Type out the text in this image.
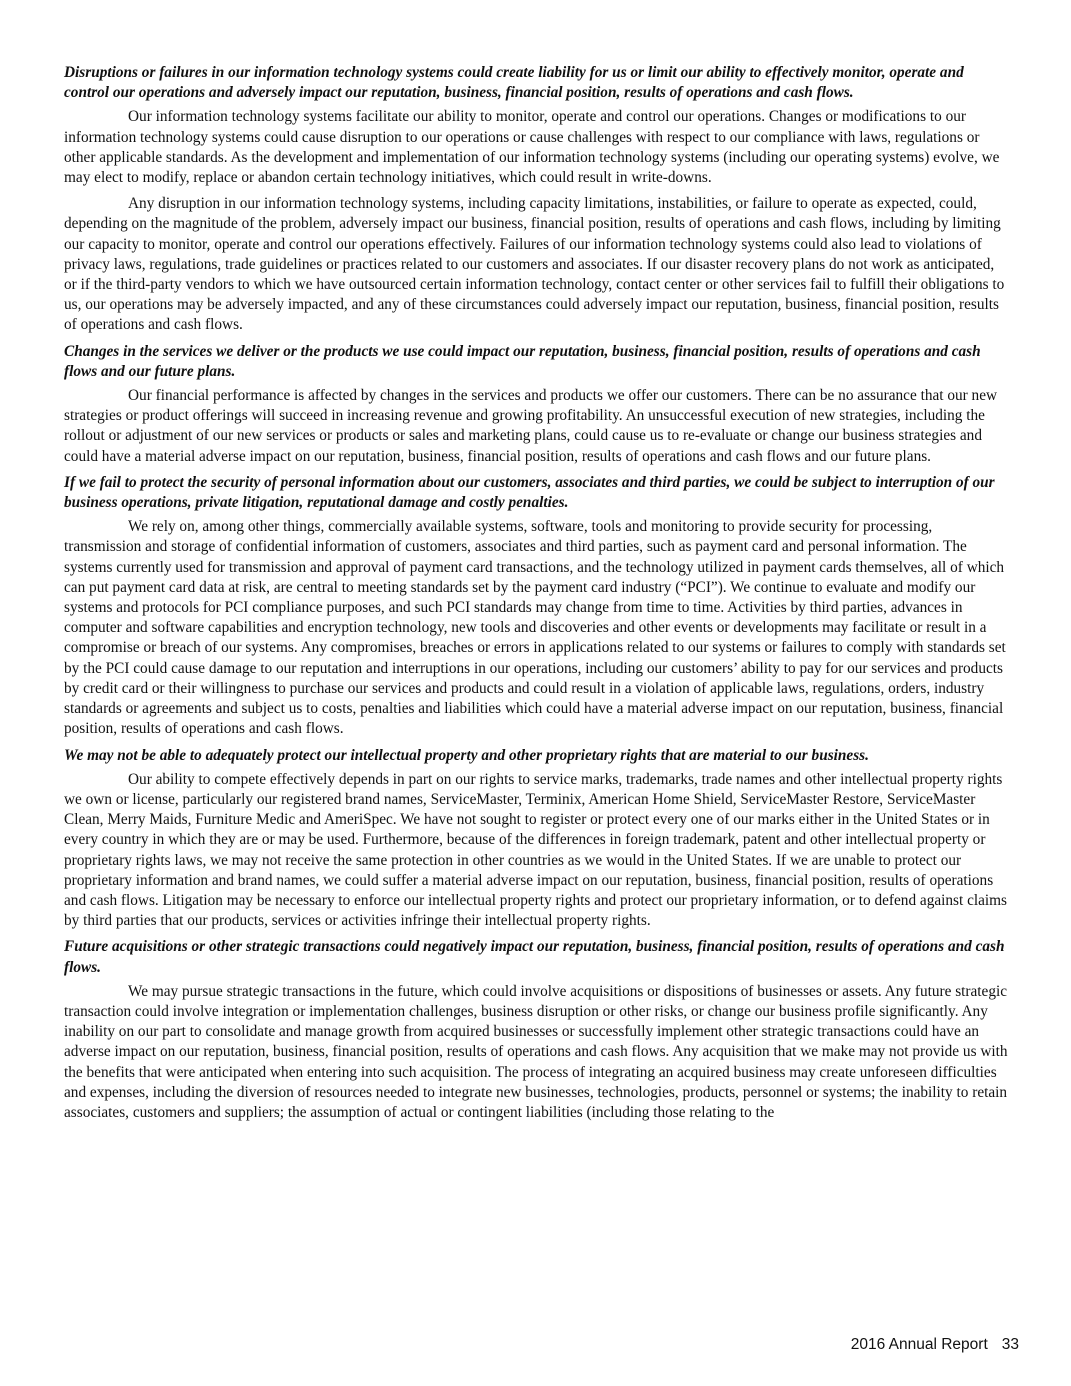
Disruptions or failures in our information technology systems could create liability for us or limit our ability to effectively monitor, operate and control our operations and adversely impact our reputation, business, financial position, results of operations and cash flows.

Our information technology systems facilitate our ability to monitor, operate and control our operations. Changes or modifications to our information technology systems could cause disruption to our operations or cause challenges with respect to our compliance with laws, regulations or other applicable standards. As the development and implementation of our information technology systems (including our operating systems) evolve, we may elect to modify, replace or abandon certain technology initiatives, which could result in write-downs.

Any disruption in our information technology systems, including capacity limitations, instabilities, or failure to operate as expected, could, depending on the magnitude of the problem, adversely impact our business, financial position, results of operations and cash flows, including by limiting our capacity to monitor, operate and control our operations effectively. Failures of our information technology systems could also lead to violations of privacy laws, regulations, trade guidelines or practices related to our customers and associates. If our disaster recovery plans do not work as anticipated, or if the third-party vendors to which we have outsourced certain information technology, contact center or other services fail to fulfill their obligations to us, our operations may be adversely impacted, and any of these circumstances could adversely impact our reputation, business, financial position, results of operations and cash flows.

Changes in the services we deliver or the products we use could impact our reputation, business, financial position, results of operations and cash flows and our future plans.

Our financial performance is affected by changes in the services and products we offer our customers. There can be no assurance that our new strategies or product offerings will succeed in increasing revenue and growing profitability. An unsuccessful execution of new strategies, including the rollout or adjustment of our new services or products or sales and marketing plans, could cause us to re-evaluate or change our business strategies and could have a material adverse impact on our reputation, business, financial position, results of operations and cash flows and our future plans.

If we fail to protect the security of personal information about our customers, associates and third parties, we could be subject to interruption of our business operations, private litigation, reputational damage and costly penalties.

We rely on, among other things, commercially available systems, software, tools and monitoring to provide security for processing, transmission and storage of confidential information of customers, associates and third parties, such as payment card and personal information. The systems currently used for transmission and approval of payment card transactions, and the technology utilized in payment cards themselves, all of which can put payment card data at risk, are central to meeting standards set by the payment card industry (“PCI”). We continue to evaluate and modify our systems and protocols for PCI compliance purposes, and such PCI standards may change from time to time. Activities by third parties, advances in computer and software capabilities and encryption technology, new tools and discoveries and other events or developments may facilitate or result in a compromise or breach of our systems. Any compromises, breaches or errors in applications related to our systems or failures to comply with standards set by the PCI could cause damage to our reputation and interruptions in our operations, including our customers’ ability to pay for our services and products by credit card or their willingness to purchase our services and products and could result in a violation of applicable laws, regulations, orders, industry standards or agreements and subject us to costs, penalties and liabilities which could have a material adverse impact on our reputation, business, financial position, results of operations and cash flows.

We may not be able to adequately protect our intellectual property and other proprietary rights that are material to our business.

Our ability to compete effectively depends in part on our rights to service marks, trademarks, trade names and other intellectual property rights we own or license, particularly our registered brand names, ServiceMaster, Terminix, American Home Shield, ServiceMaster Restore, ServiceMaster Clean, Merry Maids, Furniture Medic and AmeriSpec. We have not sought to register or protect every one of our marks either in the United States or in every country in which they are or may be used. Furthermore, because of the differences in foreign trademark, patent and other intellectual property or proprietary rights laws, we may not receive the same protection in other countries as we would in the United States. If we are unable to protect our proprietary information and brand names, we could suffer a material adverse impact on our reputation, business, financial position, results of operations and cash flows. Litigation may be necessary to enforce our intellectual property rights and protect our proprietary information, or to defend against claims by third parties that our products, services or activities infringe their intellectual property rights.

Future acquisitions or other strategic transactions could negatively impact our reputation, business, financial position, results of operations and cash flows.

We may pursue strategic transactions in the future, which could involve acquisitions or dispositions of businesses or assets. Any future strategic transaction could involve integration or implementation challenges, business disruption or other risks, or change our business profile significantly. Any inability on our part to consolidate and manage growth from acquired businesses or successfully implement other strategic transactions could have an adverse impact on our reputation, business, financial position, results of operations and cash flows. Any acquisition that we make may not provide us with the benefits that were anticipated when entering into such acquisition. The process of integrating an acquired business may create unforeseen difficulties and expenses, including the diversion of resources needed to integrate new businesses, technologies, products, personnel or systems; the inability to retain associates, customers and suppliers; the assumption of actual or contingent liabilities (including those relating to the

2016 Annual Report 33
